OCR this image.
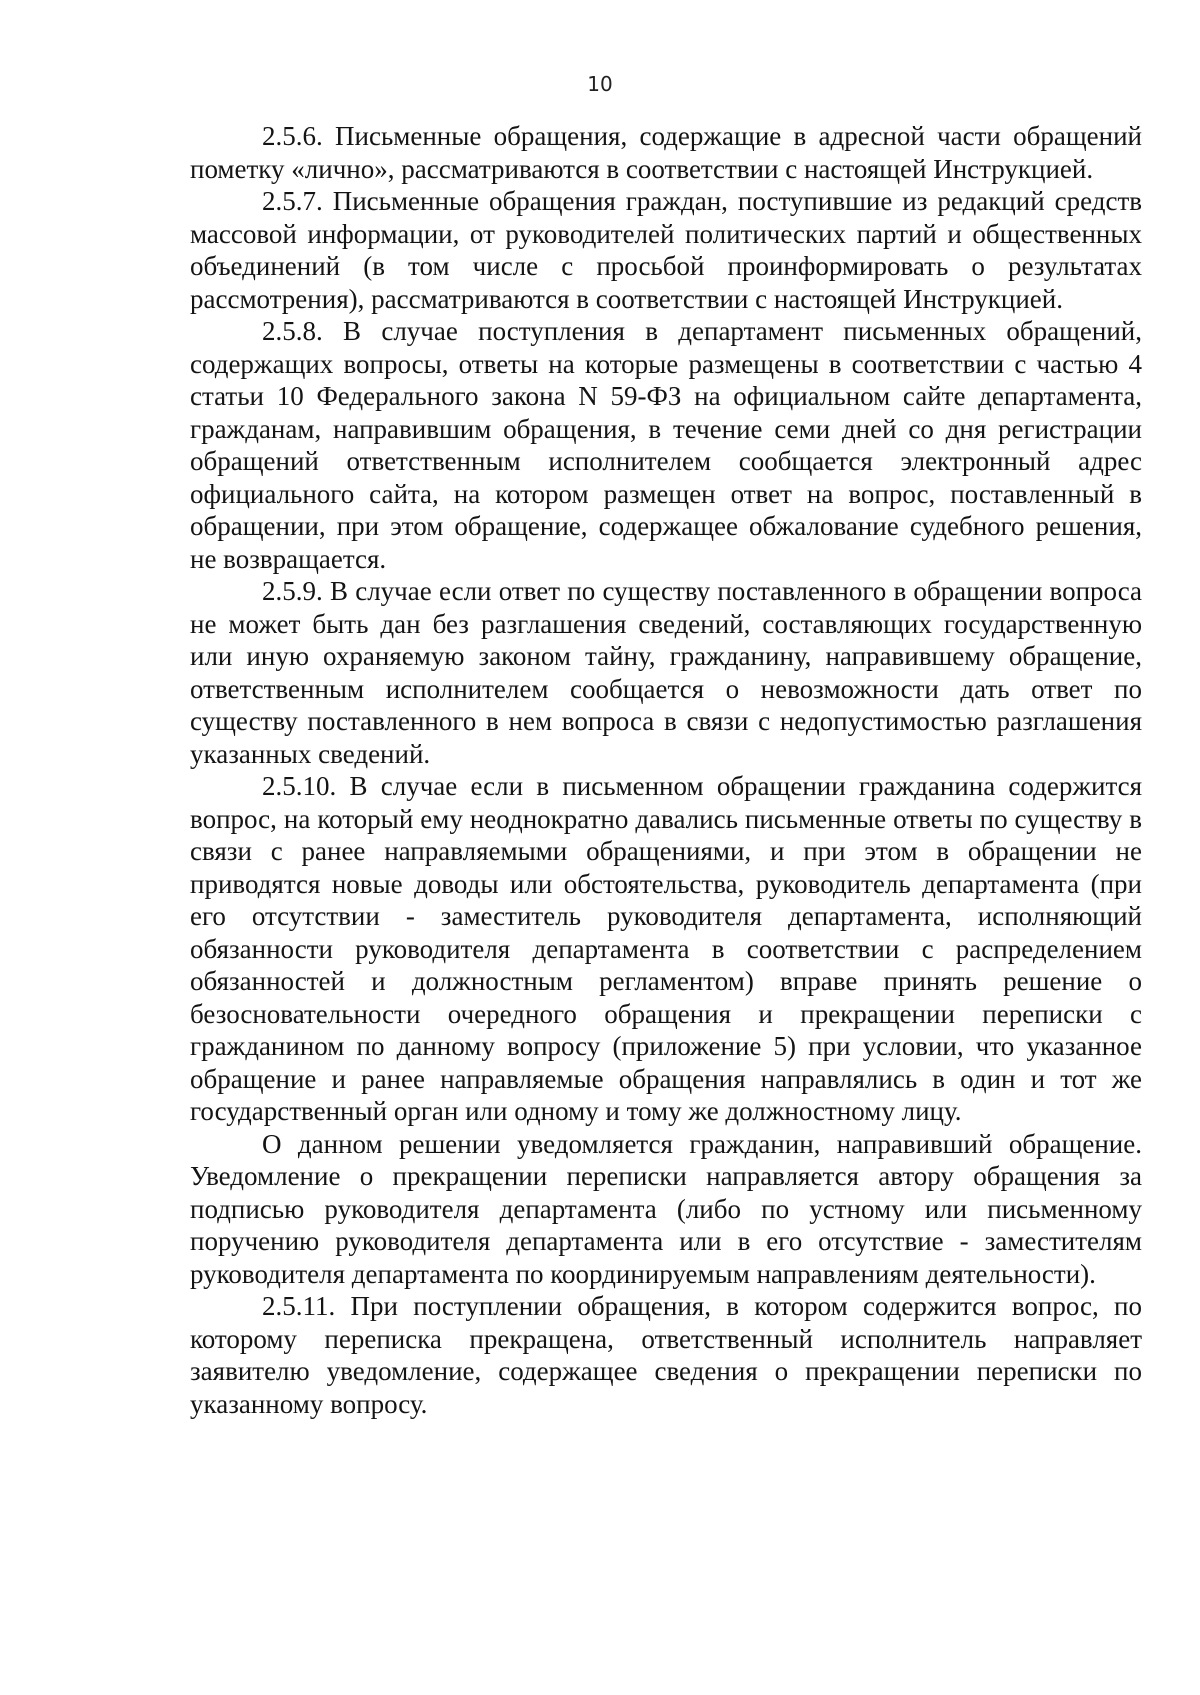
10

2.5.6. Письменные обращения, содержащие в адресной части обращений пометку «лично», рассматриваются в соответствии с настоящей Инструкцией.

2.5.7. Письменные обращения граждан, поступившие из редакций средств массовой информации, от руководителей политических партий и общественных объединений (в том числе с просьбой проинформировать о результатах рассмотрения), рассматриваются в соответствии с настоящей Инструкцией.

2.5.8. В случае поступления в департамент письменных обращений, содержащих вопросы, ответы на которые размещены в соответствии с частью 4 статьи 10 Федерального закона N 59-ФЗ на официальном сайте департамента, гражданам, направившим обращения, в течение семи дней со дня регистрации обращений ответственным исполнителем сообщается электронный адрес официального сайта, на котором размещен ответ на вопрос, поставленный в обращении, при этом обращение, содержащее обжалование судебного решения, не возвращается.

2.5.9. В случае если ответ по существу поставленного в обращении вопроса не может быть дан без разглашения сведений, составляющих государственную или иную охраняемую законом тайну, гражданину, направившему обращение, ответственным исполнителем сообщается о невозможности дать ответ по существу поставленного в нем вопроса в связи с недопустимостью разглашения указанных сведений.

2.5.10. В случае если в письменном обращении гражданина содержится вопрос, на который ему неоднократно давались письменные ответы по существу в связи с ранее направляемыми обращениями, и при этом в обращении не приводятся новые доводы или обстоятельства, руководитель департамента (при его отсутствии - заместитель руководителя департамента, исполняющий обязанности руководителя департамента в соответствии с распределением обязанностей и должностным регламентом) вправе принять решение о безосновательности очередного обращения и прекращении переписки с гражданином по данному вопросу (приложение 5) при условии, что указанное обращение и ранее направляемые обращения направлялись в один и тот же государственный орган или одному и тому же должностному лицу.

О данном решении уведомляется гражданин, направивший обращение. Уведомление о прекращении переписки направляется автору обращения за подписью руководителя департамента (либо по устному или письменному поручению руководителя департамента или в его отсутствие - заместителям руководителя департамента по координируемым направлениям деятельности).

2.5.11. При поступлении обращения, в котором содержится вопрос, по которому переписка прекращена, ответственный исполнитель направляет заявителю уведомление, содержащее сведения о прекращении переписки по указанному вопросу.
